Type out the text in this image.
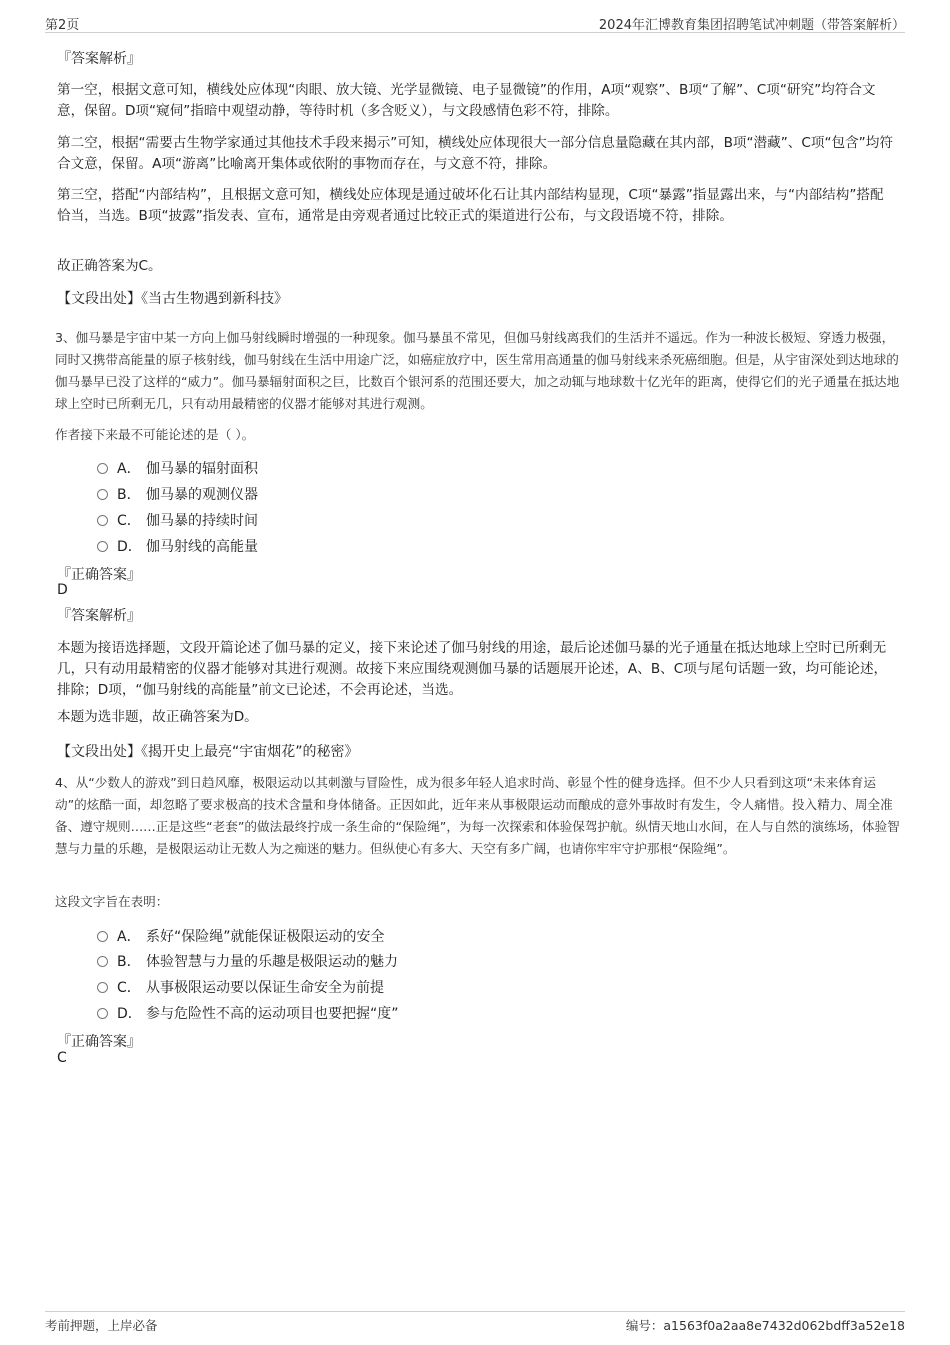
第2页	2024年汇博教育集团招聘笔试冲刺题（带答案解析）
『答案解析』
第一空，根据文意可知，横线处应体现“肉眼、放大镜、光学显微镜、电子显微镜”的作用，A项“观察”、B项“了解”、C项“研究”均符合文意，保留。D项“窥伺”指暗中观望动静，等待时机（多含贬义），与文段感情色彩不符，排除。
第二空，根据“需要古生物学家通过其他技术手段来揭示”可知，横线处应体现很大一部分信息量隐藏在其内部，B项“潜藏”、C项“包含”均符合文意，保留。A项“游离”比喻离开集体或依附的事物而存在，与文意不符，排除。
第三空，搭配“内部结构”，且根据文意可知，横线处应体现是通过破坏化石让其内部结构显现，C项“暴露”指显露出来，与“内部结构”搭配恰当，当选。B项“披露”指发表、宣布，通常是由旁观者通过比较正式的渠道进行公布，与文段语境不符，排除。
故正确答案为C。
【文段出处】《当古生物遇到新科技》
3、伽马暴是宇宙中某一方向上伽马射线瞬时增强的一种现象。伽马暴虽不常见，但伽马射线离我们的生活并不遥远。作为一种波长极短、穿透力极强，同时又携带高能量的原子核射线，伽马射线在生活中用途广泛，如癌症放疗中，医生常用高通量的伽马射线来杀死癌细胞。但是，从宇宙深处到达地球的伽马暴早已没了这样的“威力”。伽马暴辐射面积之巨，比数百个银河系的范围还要大，加之动辄与地球数十亿光年的距离，使得它们的光子通量在抵达地球上空时已所剩无几，只有动用最精密的仪器才能够对其进行观测。
作者接下来最不可能论述的是（ ）。
A． 伽马暴的辐射面积
B． 伽马暴的观测仪器
C． 伽马暴的持续时间
D． 伽马射线的高能量
『正确答案』
D
『答案解析』
本题为接语选择题，文段开篇论述了伽马暴的定义，接下来论述了伽马射线的用途，最后论述伽马暴的光子通量在抵达地球上空时已所剩无几，只有动用最精密的仪器才能够对其进行观测。故接下来应围绕观测伽马暴的话题展开论述，A、B、C项与尾句话题一致，均可能论述，排除；D项，“伽马射线的高能量”前文已论述，不会再论述，当选。
本题为选非题，故正确答案为D。
【文段出处】《揭开史上最亮“宇宙烟花”的秘密》
4、从“少数人的游戏”到日趋风靡，极限运动以其刺激与冒险性，成为很多年轻人追求时尚、彰显个性的健身选择。但不少人只看到这项“未来体育运动”的炫酷一面，却忽略了要求极高的技术含量和身体储备。正因如此，近年来从事极限运动而酿成的意外事故时有发生，令人痛惜。投入精力、周全准备、遵守规则……正是这些“老套”的做法最终拧成一条生命的“保险绳”，为每一次探索和体验保驾护航。纵情天地山水间，在人与自然的演练场，体验智慧与力量的乐趣，是极限运动让无数人为之痴迷的魅力。但纵使心有多大、天空有多广阔，也请你牢牢守护那根“保险绳”。
这段文字旨在表明：
A． 系好“保险绳”就能保证极限运动的安全
B． 体验智慧与力量的乐趣是极限运动的魅力
C． 从事极限运动要以保证生命安全为前提
D． 参与危险性不高的运动项目也要把握“度”
『正确答案』
C
考前押题，上岸必备	编号：a1563f0a2aa8e7432d062bdff3a52e18
